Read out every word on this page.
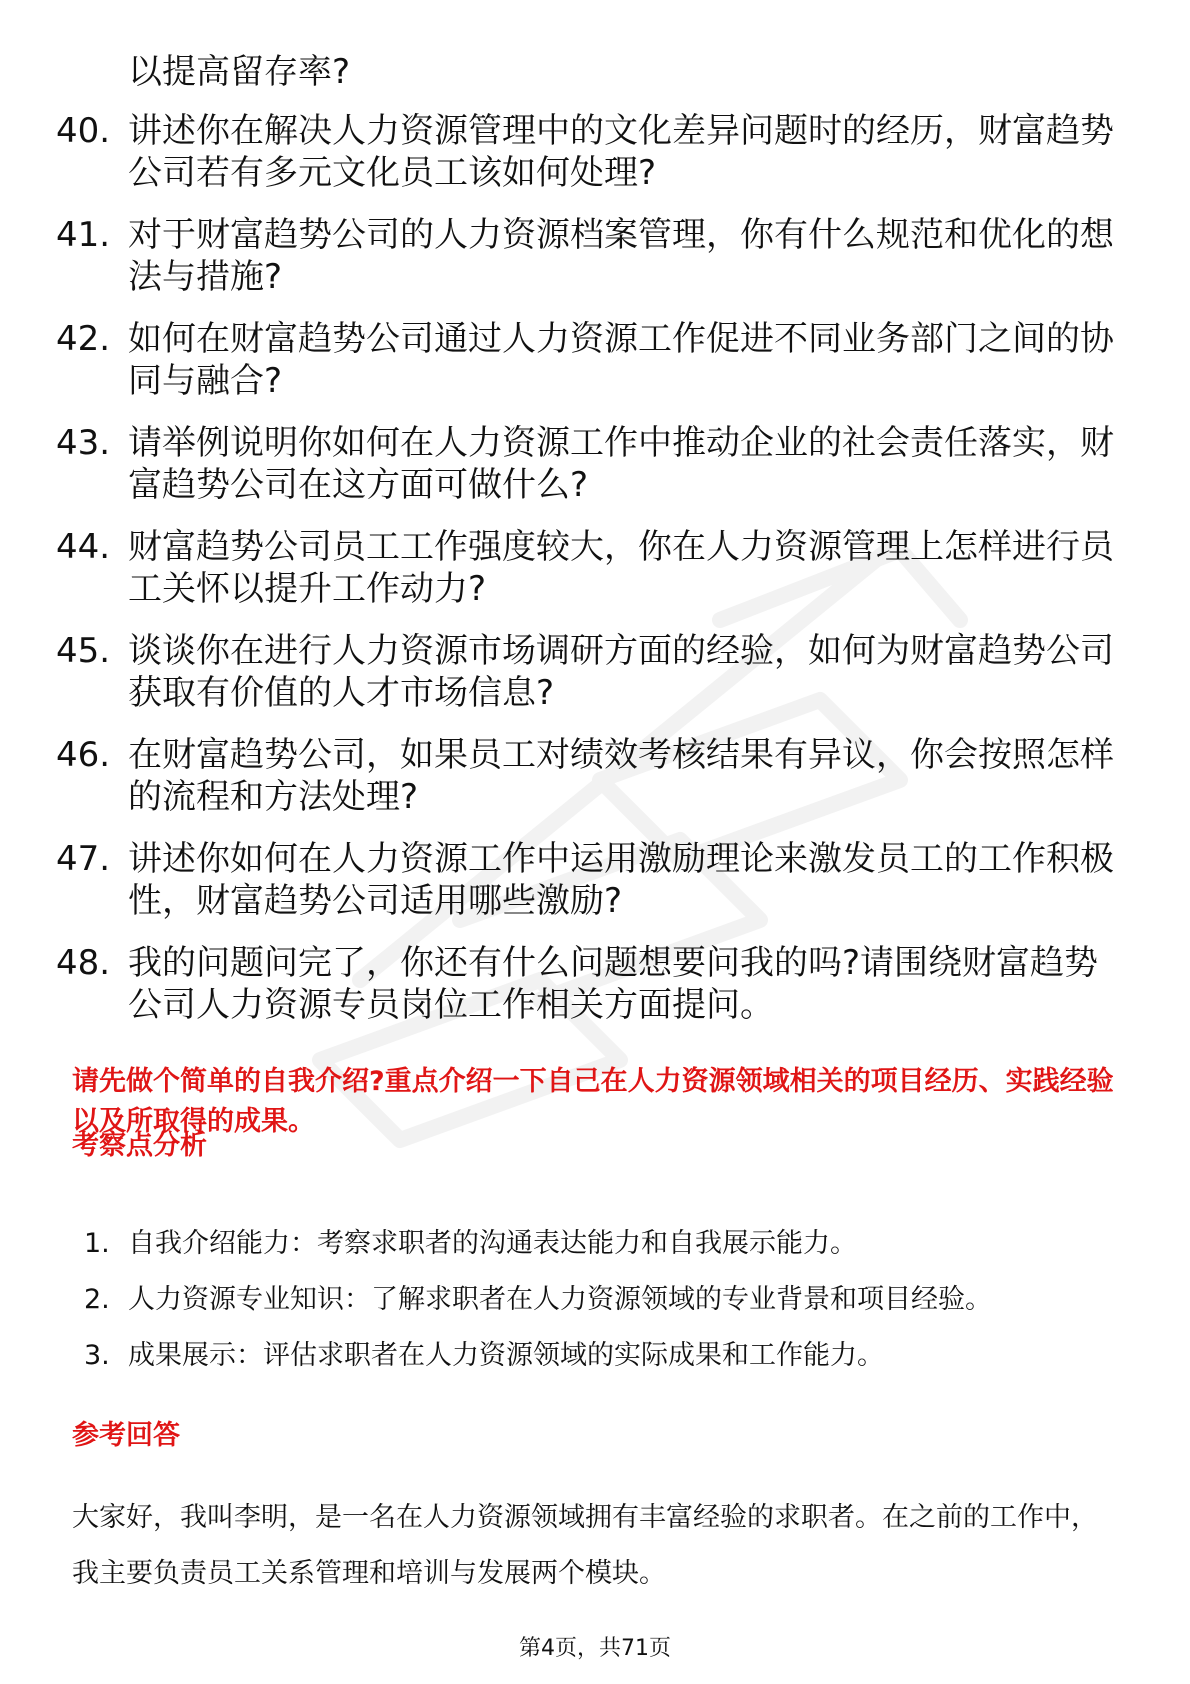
以提高留存率?

40. 讲述你在解决人力资源管理中的文化差异问题时的经历，财富趋势公司若有多元文化员工该如何处理?
41. 对于财富趋势公司的人力资源档案管理，你有什么规范和优化的想法与措施?
42. 如何在财富趋势公司通过人力资源工作促进不同业务部门之间的协同与融合?
43. 请举例说明你如何在人力资源工作中推动企业的社会责任落实，财富趋势公司在这方面可做什么?
44. 财富趋势公司员工工作强度较大，你在人力资源管理上怎样进行员工关怀以提升工作动力?
45. 谈谈你在进行人力资源市场调研方面的经验，如何为财富趋势公司获取有价值的人才市场信息?
46. 在财富趋势公司，如果员工对绩效考核结果有异议，你会按照怎样的流程和方法处理?
47. 讲述你如何在人力资源工作中运用激励理论来激发员工的工作积极性，财富趋势公司适用哪些激励?
48. 我的问题问完了，你还有什么问题想要问我的吗?请围绕财富趋势公司人力资源专员岗位工作相关方面提问。

请先做个简单的自我介绍?重点介绍一下自己在人力资源领域相关的项目经历、实践经验以及所取得的成果。

考察点分析
1. 自我介绍能力：考察求职者的沟通表达能力和自我展示能力。
2. 人力资源专业知识：了解求职者在人力资源领域的专业背景和项目经验。
3. 成果展示：评估求职者在人力资源领域的实际成果和工作能力。
参考回答

大家好，我叫李明，是一名在人力资源领域拥有丰富经验的求职者。在之前的工作中，我主要负责员工关系管理和培训与发展两个模块。

第4页，共71页
